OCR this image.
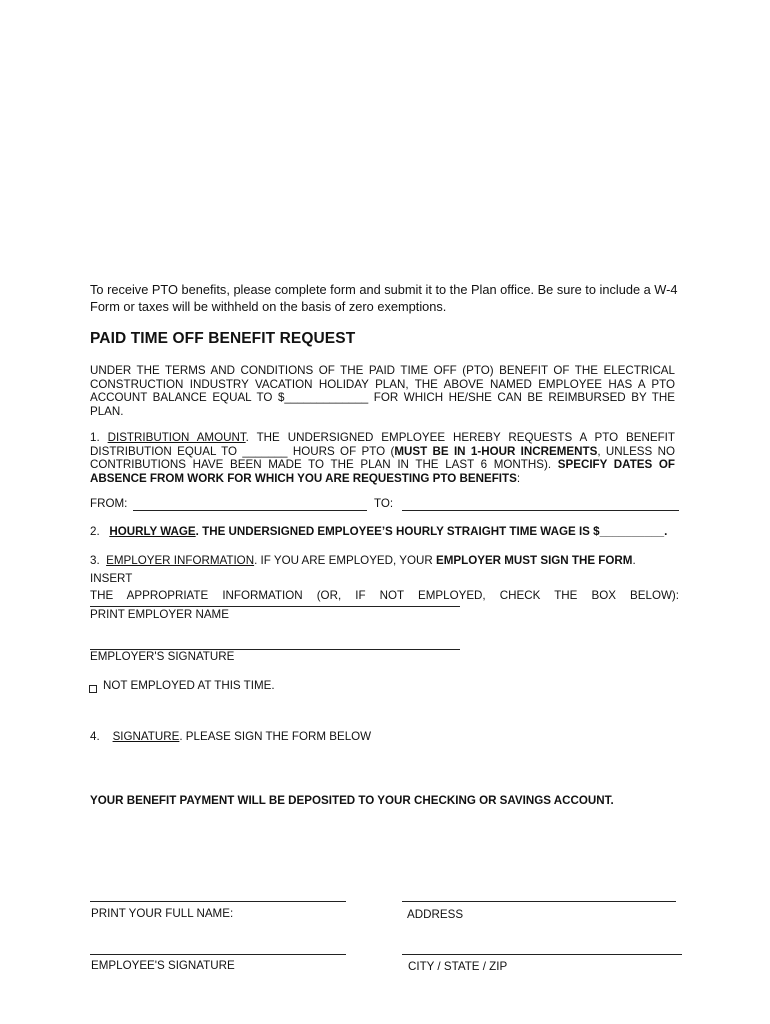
To receive PTO benefits, please complete form and submit it to the Plan office. Be sure to include a W-4
Form or taxes will be withheld on the basis of zero exemptions.
PAID TIME OFF BENEFIT REQUEST
UNDER THE TERMS AND CONDITIONS OF THE PAID TIME OFF (PTO) BENEFIT OF THE ELECTRICAL
CONSTRUCTION INDUSTRY VACATION HOLIDAY PLAN, THE ABOVE NAMED EMPLOYEE HAS A PTO
ACCOUNT BALANCE EQUAL TO $_____________ FOR WHICH HE/SHE CAN BE REIMBURSED BY THE
PLAN.
1. DISTRIBUTION AMOUNT. THE UNDERSIGNED EMPLOYEE HEREBY REQUESTS A PTO BENEFIT
DISTRIBUTION EQUAL TO _______ HOURS OF PTO (MUST BE IN 1-HOUR INCREMENTS, UNLESS NO
CONTRIBUTIONS HAVE BEEN MADE TO THE PLAN IN THE LAST 6 MONTHS). SPECIFY DATES OF
ABSENCE FROM WORK FOR WHICH YOU ARE REQUESTING PTO BENEFITS:
FROM:	TO:
2. HOURLY WAGE. THE UNDERSIGNED EMPLOYEE’S HOURLY STRAIGHT TIME WAGE IS $__________.
3. EMPLOYER INFORMATION. IF YOU ARE EMPLOYED, YOUR EMPLOYER MUST SIGN THE FORM. INSERT
THE APPROPRIATE INFORMATION (OR, IF NOT EMPLOYED, CHECK THE BOX BELOW):
PRINT EMPLOYER NAME
EMPLOYER'S SIGNATURE
NOT EMPLOYED AT THIS TIME.
4. SIGNATURE. PLEASE SIGN THE FORM BELOW
YOUR BENEFIT PAYMENT WILL BE DEPOSITED TO YOUR CHECKING OR SAVINGS ACCOUNT.
PRINT YOUR FULL NAME:	ADDRESS
EMPLOYEE'S SIGNATURE	CITY / STATE / ZIP
